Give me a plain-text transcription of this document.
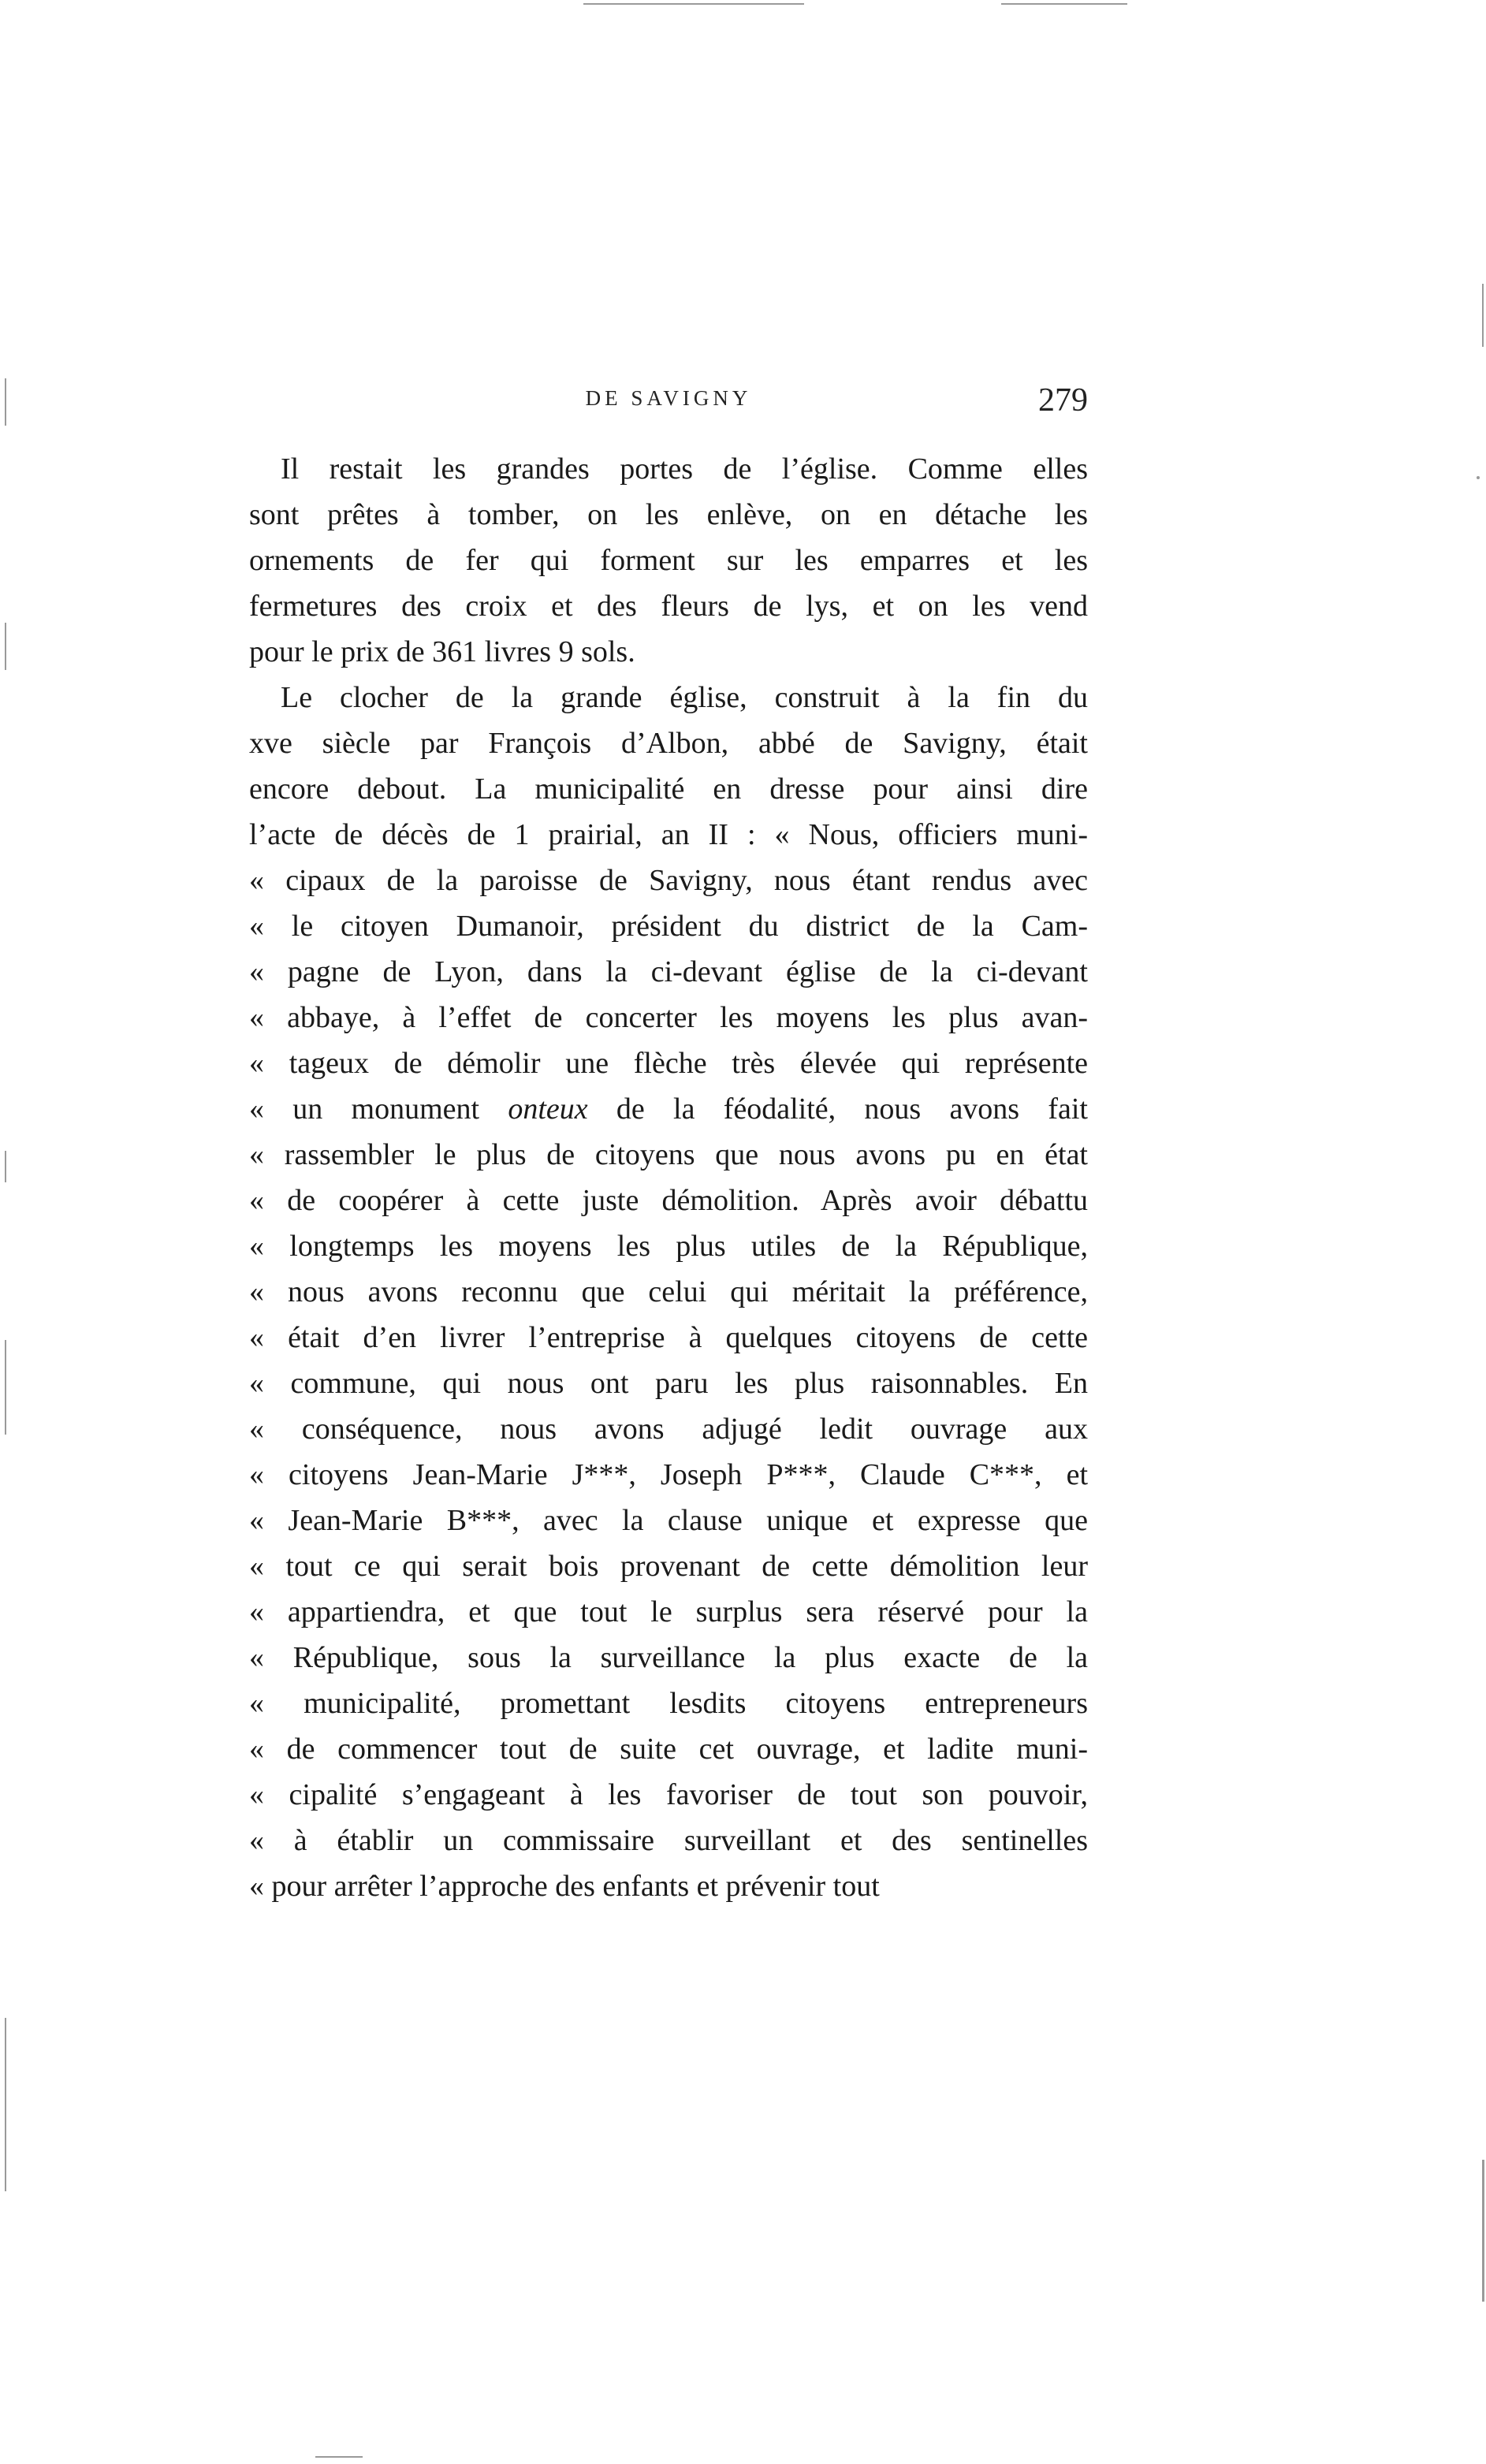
DE SAVIGNY	279
Il restait les grandes portes de l’église. Comme elles
sont prêtes à tomber, on les enlève, on en détache les
ornements de fer qui forment sur les emparres et les
fermetures des croix et des fleurs de lys, et on les vend
pour le prix de 361 livres 9 sols.
Le clocher de la grande église, construit à la fin du
xve siècle par François d’Albon, abbé de Savigny, était
encore debout. La municipalité en dresse pour ainsi dire
l’acte de décès de 1 prairial, an II : « Nous, officiers muni-
« cipaux de la paroisse de Savigny, nous étant rendus avec
« le citoyen Dumanoir, président du district de la Cam-
« pagne de Lyon, dans la ci-devant église de la ci-devant
« abbaye, à l’effet de concerter les moyens les plus avan-
« tageux de démolir une flèche très élevée qui représente
« un monument onteux de la féodalité, nous avons fait
« rassembler le plus de citoyens que nous avons pu en état
« de coopérer à cette juste démolition. Après avoir débattu
« longtemps les moyens les plus utiles de la République,
« nous avons reconnu que celui qui méritait la préférence,
« était d’en livrer l’entreprise à quelques citoyens de cette
« commune, qui nous ont paru les plus raisonnables. En
« conséquence, nous avons adjugé ledit ouvrage aux
« citoyens Jean-Marie J***, Joseph P***, Claude C***, et
« Jean-Marie B***, avec la clause unique et expresse que
« tout ce qui serait bois provenant de cette démolition leur
« appartiendra, et que tout le surplus sera réservé pour la
« République, sous la surveillance la plus exacte de la
« municipalité, promettant lesdits citoyens entrepreneurs
« de commencer tout de suite cet ouvrage, et ladite muni-
« cipalité s’engageant à les favoriser de tout son pouvoir,
« à établir un commissaire surveillant et des sentinelles
« pour arrêter l’approche des enfants et prévenir tout
